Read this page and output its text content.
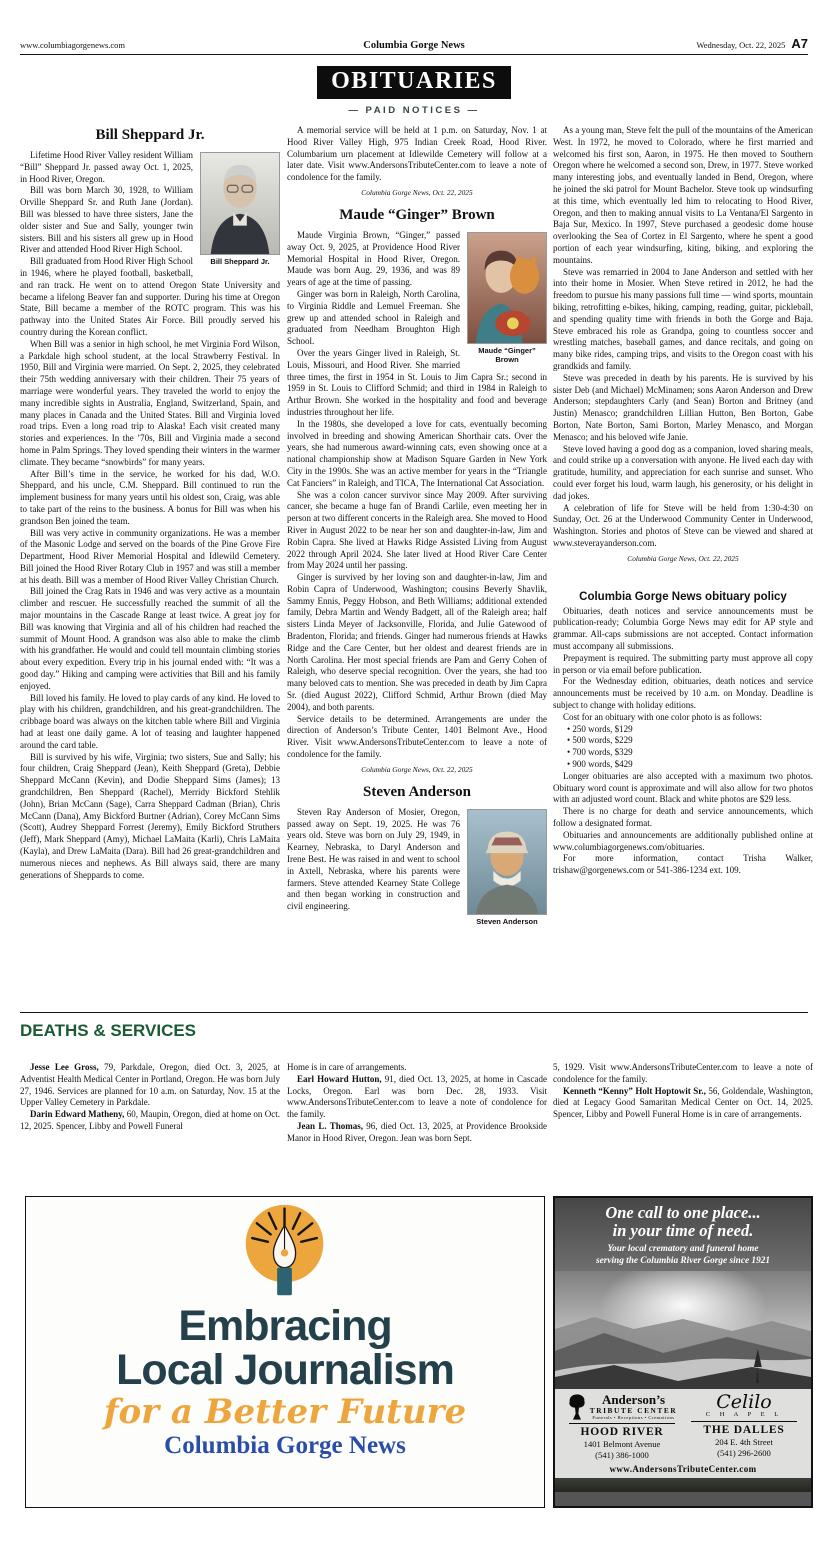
www.columbiagorgenews.com	Columbia Gorge News	Wednesday, Oct. 22, 2025 A7
OBITUARIES
— PAID NOTICES —
Bill Sheppard Jr.
Bill Sheppard Jr.

Lifetime Hood River Valley resident William “Bill” Sheppard Jr. passed away Oct. 1, 2025, in Hood River, Oregon.

Bill was born March 30, 1928, to William Orville Sheppard Sr. and Ruth Jane (Jordan). Bill was blessed to have three sisters, Jane the older sister and Sue and Sally, younger twin sisters. Bill and his sisters all grew up in Hood River and attended Hood River High School.

Bill graduated from Hood River High School in 1946, where he played football, basketball, and ran track. He went on to attend Oregon State University and became a lifelong Beaver fan and supporter. During his time at Oregon State, Bill became a member of the ROTC program. This was his pathway into the United States Air Force. Bill proudly served his country during the Korean conflict.

When Bill was a senior in high school, he met Virginia Ford Wilson, a Parkdale high school student, at the local Strawberry Festival. In 1950, Bill and Virginia were married. On Sept. 2, 2025, they celebrated their 75th wedding anniversary with their children. Their 75 years of marriage were wonderful years. They traveled the world to enjoy the many incredible sights in Australia, England, Switzerland, Spain, and many places in Canada and the United States. Bill and Virginia loved road trips. Even a long road trip to Alaska! Each visit created many stories and experiences. In the ’70s, Bill and Virginia made a second home in Palm Springs. They loved spending their winters in the warmer climate. They became “snowbirds” for many years.

After Bill’s time in the service, he worked for his dad, W.O. Sheppard, and his uncle, C.M. Sheppard. Bill continued to run the implement business for many years until his oldest son, Craig, was able to take part of the reins to the business. A bonus for Bill was when his grandson Ben joined the team.

Bill was very active in community organizations. He was a member of the Masonic Lodge and served on the boards of the Pine Grove Fire Department, Hood River Memorial Hospital and Idlewild Cemetery. Bill joined the Hood River Rotary Club in 1957 and was still a member at his death. Bill was a member of Hood River Valley Christian Church.

Bill joined the Crag Rats in 1946 and was very active as a mountain climber and rescuer. He successfully reached the summit of all the major mountains in the Cascade Range at least twice. A great joy for Bill was knowing that Virginia and all of his children had reached the summit of Mount Hood. A grandson was also able to make the climb with his grandfather. He would and could tell mountain climbing stories about every expedition. Every trip in his journal ended with: “It was a good day.” Hiking and camping were activities that Bill and his family enjoyed.

Bill loved his family. He loved to play cards of any kind. He loved to play with his children, grandchildren, and his great-grandchildren. The cribbage board was always on the kitchen table where Bill and Virginia had at least one daily game. A lot of teasing and laughter happened around the card table.

Bill is survived by his wife, Virginia; two sisters, Sue and Sally; his four children, Craig Sheppard (Jean), Keith Sheppard (Greta), Debbie Sheppard McCann (Kevin), and Dodie Sheppard Sims (James); 13 grandchildren, Ben Sheppard (Rachel), Merridy Bickford Stehlik (John), Brian McCann (Sage), Carra Sheppard Cadman (Brian), Chris McCann (Dana), Amy Bickford Burtner (Adrian), Corey McCann Sims (Scott), Audrey Sheppard Forrest (Jeremy), Emily Bickford Struthers (Jeff), Mark Sheppard (Amy), Michael LaMaita (Karli), Chris LaMaita (Kayla), and Drew LaMaita (Dara). Bill had 26 great-grandchildren and numerous nieces and nephews. As Bill always said, there are many generations of Sheppards to come.

A memorial service will be held at 1 p.m. on Saturday, Nov. 1 at Hood River Valley High, 975 Indian Creek Road, Hood River. Columbarium urn placement at Idlewilde Cemetery will follow at a later date. Visit www.AndersonsTributeCenter.com to leave a note of condolence for the family.

Columbia Gorge News, Oct. 22, 2025
Maude “Ginger” Brown
Maude “Ginger” Brown

Maude Virginia Brown, “Ginger,” passed away Oct. 9, 2025, at Providence Hood River Memorial Hospital in Hood River, Oregon. Maude was born Aug. 29, 1936, and was 89 years of age at the time of passing.

Ginger was born in Raleigh, North Carolina, to Virginia Riddle and Lemuel Freeman. She grew up and attended school in Raleigh and graduated from Needham Broughton High School.

Over the years Ginger lived in Raleigh, St. Louis, Missouri, and Hood River. She married three times, the first in 1954 in St. Louis to Jim Capra Sr.; second in 1959 in St. Louis to Clifford Schmid; and third in 1984 in Raleigh to Arthur Brown. She worked in the hospitality and food and beverage industries throughout her life.

In the 1980s, she developed a love for cats, eventually becoming involved in breeding and showing American Shorthair cats. Over the years, she had numerous award-winning cats, even showing once at a national championship show at Madison Square Garden in New York City in the 1990s. She was an active member for years in the “Triangle Cat Fanciers” in Raleigh, and TICA, The International Cat Association.

She was a colon cancer survivor since May 2009. After surviving cancer, she became a huge fan of Brandi Carlile, even meeting her in person at two different concerts in the Raleigh area. She moved to Hood River in August 2022 to be near her son and daughter-in-law, Jim and Robin Capra. She lived at Hawks Ridge Assisted Living from August 2022 through April 2024. She later lived at Hood River Care Center from May 2024 until her passing.

Ginger is survived by her loving son and daughter-in-law, Jim and Robin Capra of Underwood, Washington; cousins Beverly Shavlik, Sammy Ennis, Peggy Hobson, and Beth Williams; additional extended family, Debra Martin and Wendy Badgett, all of the Raleigh area; half sisters Linda Meyer of Jacksonville, Florida, and Julie Gatewood of Bradenton, Florida; and friends. Ginger had numerous friends at Hawks Ridge and the Care Center, but her oldest and dearest friends are in North Carolina. Her most special friends are Pam and Gerry Cohen of Raleigh, who deserve special recognition. Over the years, she had too many beloved cats to mention. She was preceded in death by Jim Capra Sr. (died August 2022), Clifford Schmid, Arthur Brown (died May 2004), and both parents.

Service details to be determined. Arrangements are under the direction of Anderson’s Tribute Center, 1401 Belmont Ave., Hood River. Visit www.AndersonsTributeCenter.com to leave a note of condolence for the family.

Columbia Gorge News, Oct. 22, 2025
Steven Anderson
Steven Anderson

Steven Ray Anderson of Mosier, Oregon, passed away on Sept. 19, 2025. He was 76 years old. Steve was born on July 29, 1949, in Kearney, Nebraska, to Daryl Anderson and Irene Best. He was raised in and went to school in Axtell, Nebraska, where his parents were farmers. Steve attended Kearney State College and then began working in construction and civil engineering.

As a young man, Steve felt the pull of the mountains of the American West. In 1972, he moved to Colorado, where he first married and welcomed his first son, Aaron, in 1975. He then moved to Southern Oregon where he welcomed a second son, Drew, in 1977. Steve worked many interesting jobs, and eventually landed in Bend, Oregon, where he joined the ski patrol for Mount Bachelor. Steve took up windsurfing at this time, which eventually led him to relocating to Hood River, Oregon, and then to making annual visits to La Ventana/El Sargento in Baja Sur, Mexico. In 1997, Steve purchased a geodesic dome house overlooking the Sea of Cortez in El Sargento, where he spent a good portion of each year windsurfing, kiting, biking, and exploring the mountains.

Steve was remarried in 2004 to Jane Anderson and settled with her into their home in Mosier. When Steve retired in 2012, he had the freedom to pursue his many passions full time — wind sports, mountain biking, retrofitting e-bikes, hiking, camping, reading, guitar, pickleball, and spending quality time with friends in both the Gorge and Baja. Steve embraced his role as Grandpa, going to countless soccer and wrestling matches, baseball games, and dance recitals, and going on many bike rides, camping trips, and visits to the Oregon coast with his grandkids and family.

Steve was preceded in death by his parents. He is survived by his sister Deb (and Michael) McMinamen; sons Aaron Anderson and Drew Anderson; stepdaughters Carly (and Sean) Borton and Britney (and Justin) Menasco; grandchildren Lillian Hutton, Ben Borton, Gabe Borton, Nate Borton, Sami Borton, Marley Menasco, and Morgan Menasco; and his beloved wife Janie.

Steve loved having a good dog as a companion, loved sharing meals, and could strike up a conversation with anyone. He lived each day with gratitude, humility, and appreciation for each sunrise and sunset. Who could ever forget his loud, warm laugh, his generosity, or his delight in dad jokes.

A celebration of life for Steve will be held from 1:30-4:30 on Sunday, Oct. 26 at the Underwood Community Center in Underwood, Washington. Stories and photos of Steve can be viewed and shared at www.steverayanderson.com.

Columbia Gorge News, Oct. 22, 2025
Columbia Gorge News obituary policy

Obituaries, death notices and service announcements must be publication-ready; Columbia Gorge News may edit for AP style and grammar. All-caps submissions are not accepted. Contact information must accompany all submissions.

Prepayment is required. The submitting party must approve all copy in person or via email before publication.

For the Wednesday edition, obituaries, death notices and service announcements must be received by 10 a.m. on Monday. Deadline is subject to change with holiday editions.

Cost for an obituary with one color photo is as follows:

• 250 words, $129

• 500 words, $229

• 700 words, $329

• 900 words, $429

Longer obituaries are also accepted with a maximum two photos. Obituary word count is approximate and will also allow for two photos with an adjusted word count. Black and white photos are $29 less.

There is no charge for death and service announcements, which follow a designated format.

Obituaries and announcements are additionally published online at www.columbiagorgenews.com/obituaries.

For more information, contact Trisha Walker, trishaw@gorgenews.com or 541-386-1234 ext. 109.

DEATHS & SERVICES

Jesse Lee Gross, 79, Parkdale, Oregon, died Oct. 3, 2025, at Adventist Health Medical Center in Portland, Oregon. He was born July 27, 1946. Services are planned for 10 a.m. on Saturday, Nov. 15 at the Upper Valley Cemetery in Parkdale.

Darin Edward Matheny, 60, Maupin, Oregon, died at home on Oct. 12, 2025. Spencer, Libby and Powell Funeral

Home is in care of arrangements.

Earl Howard Hutton, 91, died Oct. 13, 2025, at home in Cascade Locks, Oregon. Earl was born Dec. 28, 1933. Visit www.AndersonsTributeCenter.com to leave a note of condolence for the family.

Jean L. Thomas, 96, died Oct. 13, 2025, at Providence Brookside Manor in Hood River, Oregon. Jean was born Sept.

5, 1929. Visit www.AndersonsTributeCenter.com to leave a note of condolence for the family.

Kenneth “Kenny” Holt Hoptowit Sr., 56, Goldendale, Washington, died at Legacy Good Samaritan Medical Center on Oct. 14, 2025. Spencer, Libby and Powell Funeral Home is in care of arrangements.

Embracing
Local Journalism
for a Better Future
Columbia Gorge News
One call to one place...
in your time of need.
Your local crematory and funeral home
serving the Columbia River Gorge since 1921
Anderson’s
TRIBUTE CENTER
Funerals • Receptions • Cremations
HOOD RIVER
1401 Belmont Avenue
(541) 386-1000
Celilo
C H A P E L
THE DALLES
204 E. 4th Street
(541) 296-2600
www.AndersonsTributeCenter.com
